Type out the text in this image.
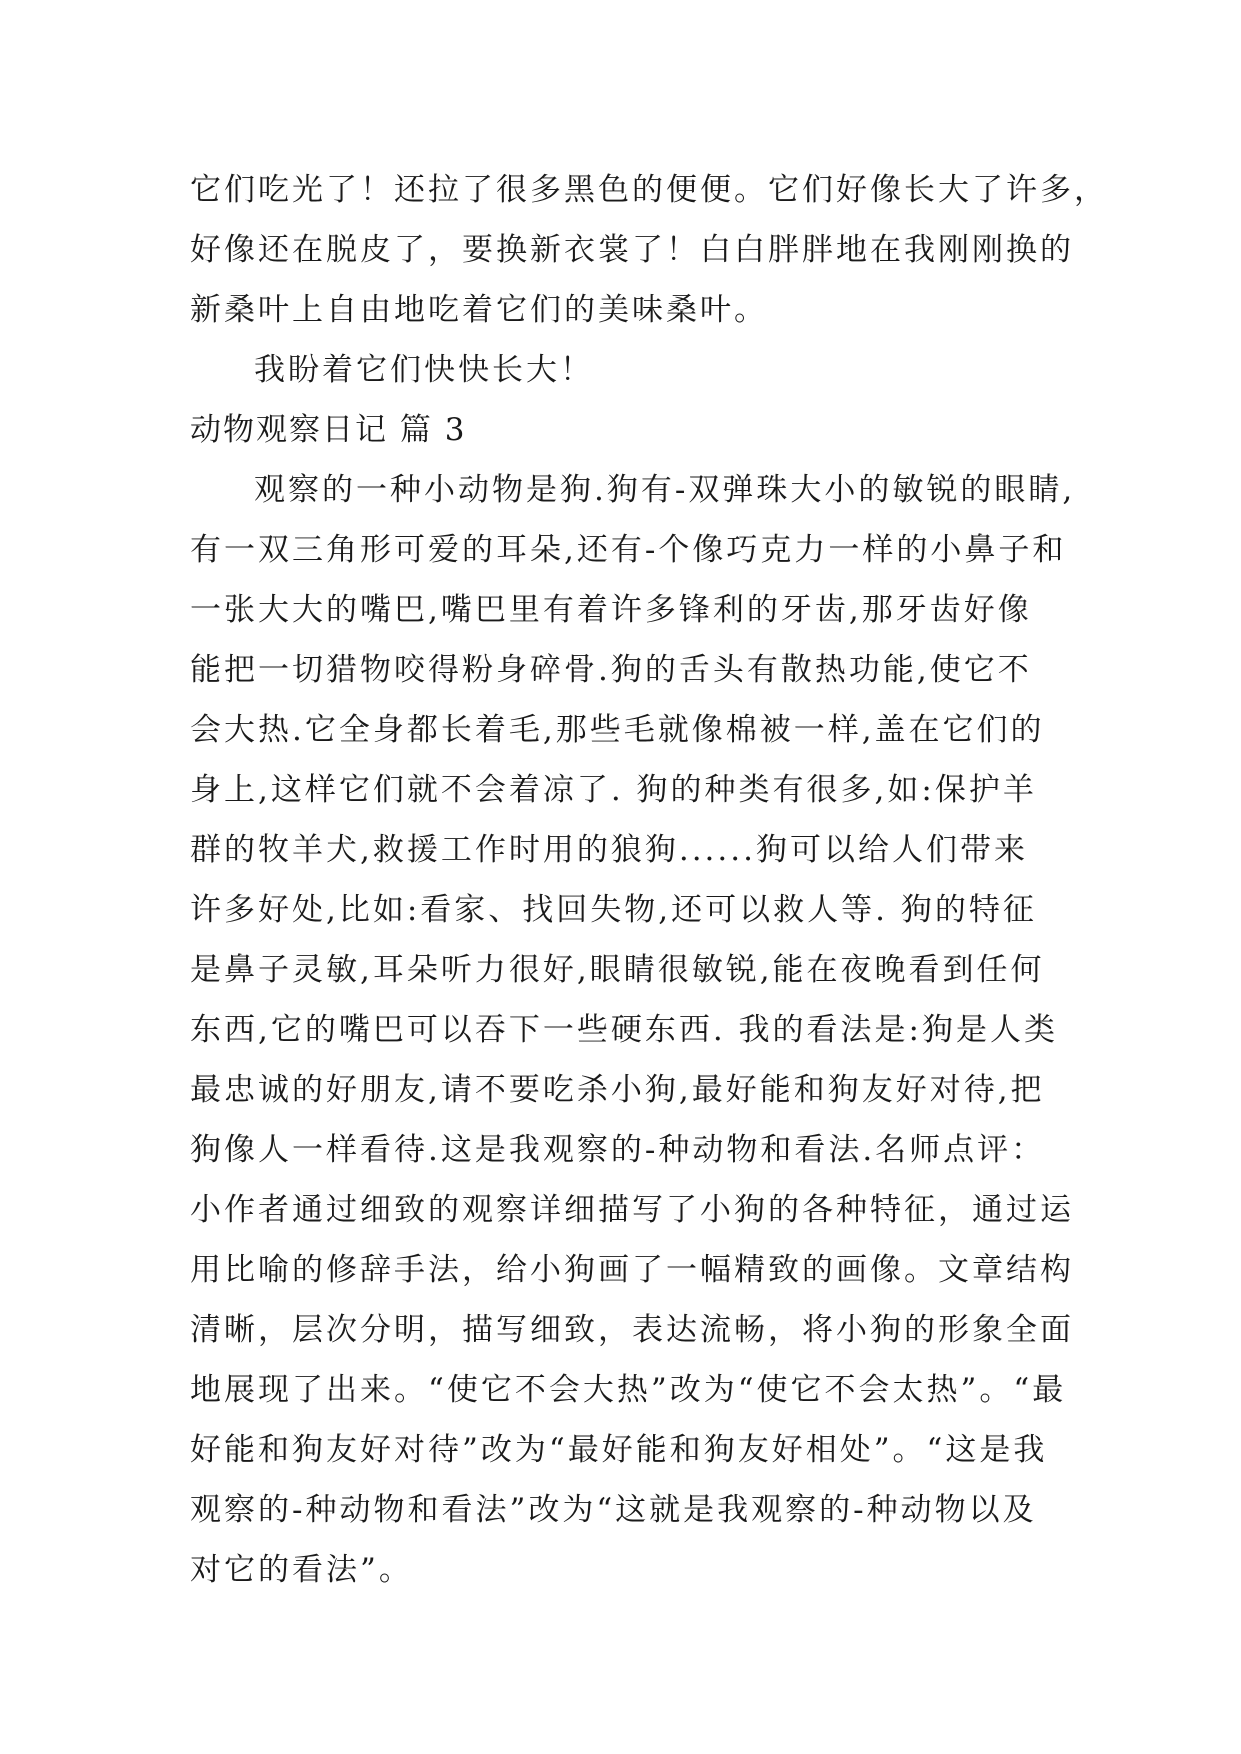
它们吃光了！还拉了很多黑色的便便。它们好像长大了许多，
好像还在脱皮了，要换新衣裳了！白白胖胖地在我刚刚换的
新桑叶上自由地吃着它们的美味桑叶。
我盼着它们快快长大！
动物观察日记 篇 3
观察的一种小动物是狗.狗有-双弹珠大小的敏锐的眼睛,
有一双三角形可爱的耳朵,还有-个像巧克力一样的小鼻子和
一张大大的嘴巴,嘴巴里有着许多锋利的牙齿,那牙齿好像
能把一切猎物咬得粉身碎骨.狗的舌头有散热功能,使它不
会大热.它全身都长着毛,那些毛就像棉被一样,盖在它们的
身上,这样它们就不会着凉了. 狗的种类有很多,如:保护羊
群的牧羊犬,救援工作时用的狼狗......狗可以给人们带来
许多好处,比如:看家、找回失物,还可以救人等. 狗的特征
是鼻子灵敏,耳朵听力很好,眼睛很敏锐,能在夜晚看到任何
东西,它的嘴巴可以吞下一些硬东西. 我的看法是:狗是人类
最忠诚的好朋友,请不要吃杀小狗,最好能和狗友好对待,把
狗像人一样看待.这是我观察的-种动物和看法.名师点评：
小作者通过细致的观察详细描写了小狗的各种特征，通过运
用比喻的修辞手法，给小狗画了一幅精致的画像。文章结构
清晰，层次分明，描写细致，表达流畅，将小狗的形象全面
地展现了出来。“使它不会大热”改为“使它不会太热”。“最
好能和狗友好对待”改为“最好能和狗友好相处”。“这是我
观察的-种动物和看法”改为“这就是我观察的-种动物以及
对它的看法”。
